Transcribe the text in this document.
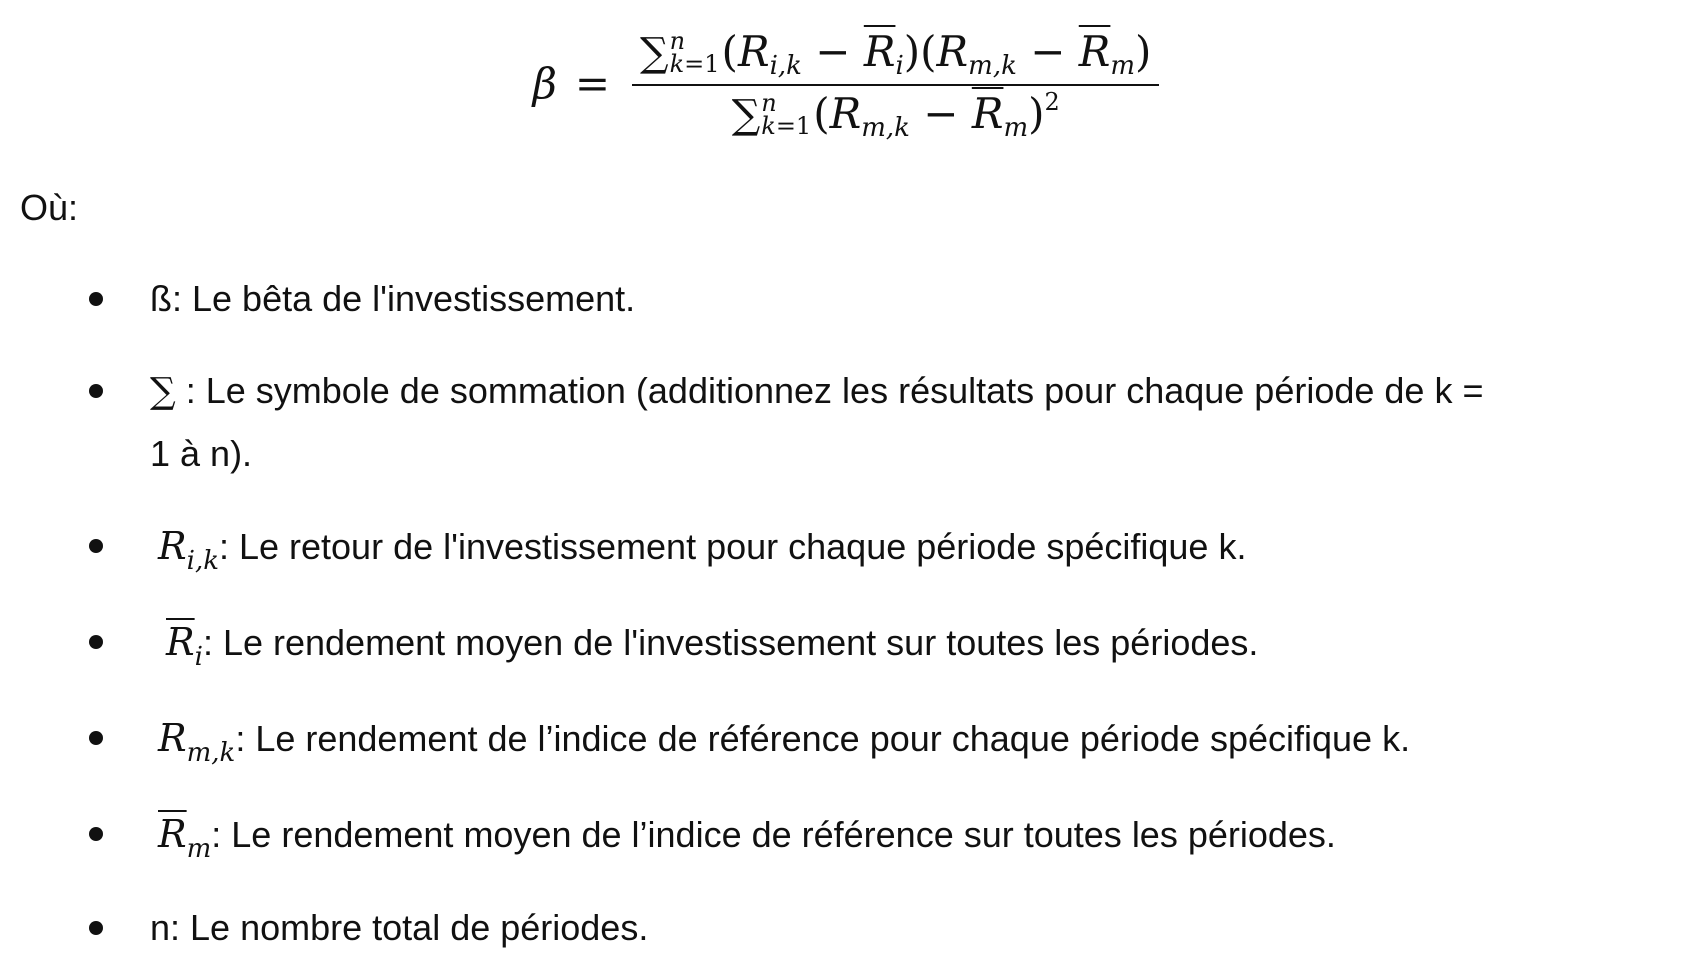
β = ∑ n
k=1 $(R_{i,k} - \overline{R}_i)(R_{m,k} - \overline{R}_m)$
∑ n
k=1 $(R_{m,k} - \overline{R}_m)^2$
Où:
ß: Le bêta de l'investissement.
∑ : Le symbole de sommation (additionnez les résultats pour chaque période de k =
1 à n).
$R_{i,k}$: Le retour de l'investissement pour chaque période spécifique k.
$\overline{R}_i$: Le rendement moyen de l'investissement sur toutes les périodes.
$R_{m,k}$: Le rendement de l’indice de référence pour chaque période spécifique k.
$\overline{R}_m$: Le rendement moyen de l’indice de référence sur toutes les périodes.
n: Le nombre total de périodes.
